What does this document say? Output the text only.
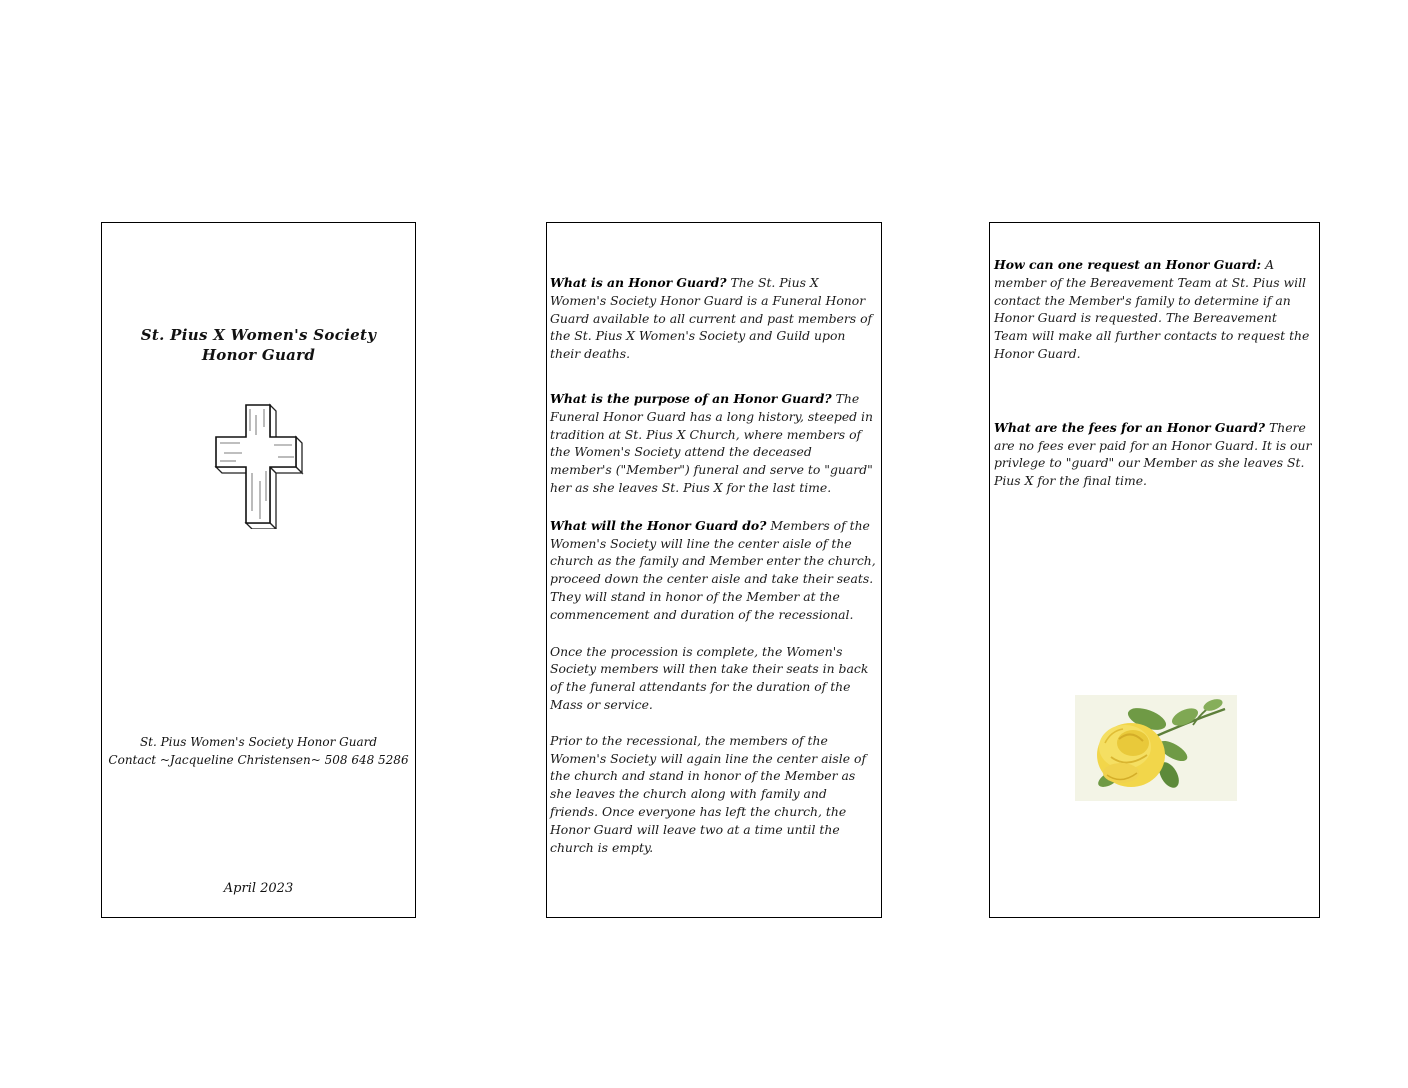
St. Pius X Women's Society
Honor Guard
St. Pius Women's Society Honor Guard
Contact ~Jacqueline Christensen~ 508 648 5286
April 2023

What is an Honor Guard? The St. Pius X Women's Society Honor Guard is a Funeral Honor Guard available to all current and past members of the St. Pius X Women's Society and Guild upon their deaths.

What is the purpose of an Honor Guard? The Funeral Honor Guard has a long history, steeped in tradition at St. Pius X Church, where members of the Women's Society attend the deceased member's ("Member") funeral and serve to "guard" her as she leaves St. Pius X for the last time.

What will the Honor Guard do? Members of the Women's Society will line the center aisle of the church as the family and Member enter the church, proceed down the center aisle and take their seats. They will stand in honor of the Member at the commencement and duration of the recessional.

Once the procession is complete, the Women's Society members will then take their seats in back of the funeral attendants for the duration of the Mass or service.

Prior to the recessional, the members of the Women's Society will again line the center aisle of the church and stand in honor of the Member as she leaves the church along with family and friends. Once everyone has left the church, the Honor Guard will leave two at a time until the church is empty.

How can one request an Honor Guard: A member of the Bereavement Team at St. Pius will contact the Member's family to determine if an Honor Guard is requested. The Bereavement Team will make all further contacts to request the Honor Guard.

What are the fees for an Honor Guard? There are no fees ever paid for an Honor Guard. It is our privlege to "guard" our Member as she leaves St. Pius X for the final time.
